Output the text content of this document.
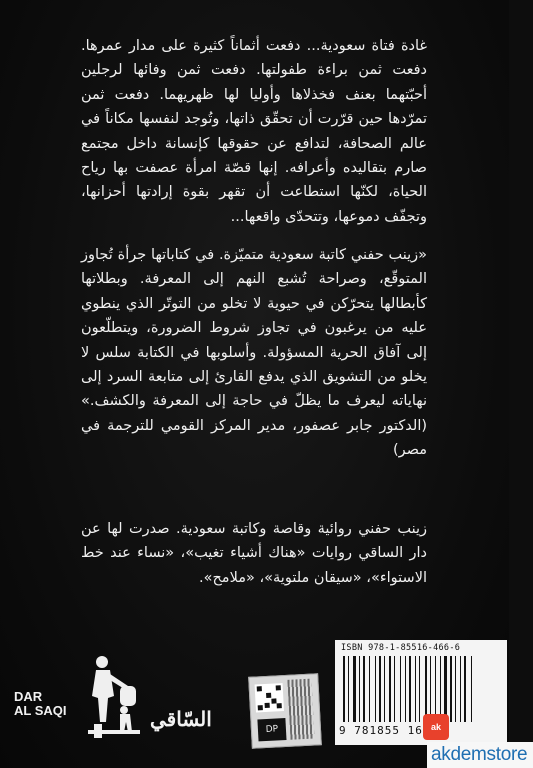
غادة فتاة سعودية... دفعت أثماناً كثيرة على مدار عمرها. دفعت ثمن براءة طفولتها. دفعت ثمن وفائها لرجلين أحبّتهما بعنف فخذلاها وأوليا لها ظهريهما. دفعت ثمن تمرّدها حين قرّرت أن تحقّق ذاتها، وتُوجد لنفسها مكاناً في عالم الصحافة، لتدافع عن حقوقها كإنسانة داخل مجتمع صارم بتقاليده وأعرافه. إنها قصّة امرأة عصفت بها رياح الحياة، لكنّها استطاعت أن تقهر بقوة إرادتها أحزانها، وتجفّف دموعها، وتتحدّى واقعها...

«زينب حفني كاتبة سعودية متميّزة. في كتاباتها جرأة تُجاوز المتوقّع، وصراحة تُشبع النهم إلى المعرفة. وبطلاتها كأبطالها يتحرّكن في حيوية لا تخلو من التوتّر الذي ينطوي عليه من يرغبون في تجاوز شروط الضرورة، ويتطلّعون إلى آفاق الحرية المسؤولة. وأسلوبها في الكتابة سلس لا يخلو من التشويق الذي يدفع القارئ إلى متابعة السرد إلى نهاياته ليعرف ما يظلّ في حاجة إلى المعرفة والكشف.» (الدكتور جابر عصفور، مدير المركز القومي للترجمة في مصر)

زينب حفني روائية وقاصة وكاتبة سعودية. صدرت لها عن دار الساقي روايات «هناك أشياء تغيب»، «نساء عند خط الاستواء»، «سيقان ملتوية»، «ملامح».

DAR
AL SAQI	السّاقي	DP
ISBN 978-1-85516-466-6
9 781855 16 ak
akdemstore
